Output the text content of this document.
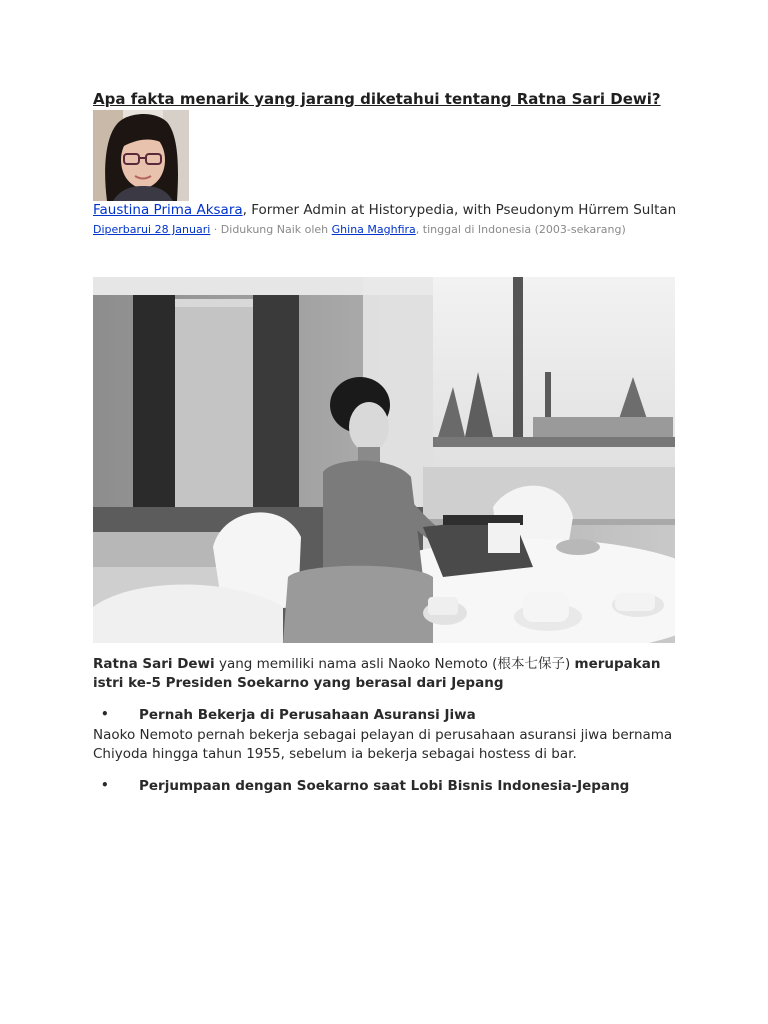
Apa fakta menarik yang jarang diketahui tentang Ratna Sari Dewi?
Faustina Prima Aksara, Former Admin at Historypedia, with Pseudonym Hürrem Sultan
Diperbarui 28 Januari · Didukung Naik oleh Ghina Maghfira, tinggal di Indonesia (2003-sekarang)

Ratna Sari Dewi yang memiliki nama asli Naoko Nemoto (根本七保子) merupakan istri ke-5 Presiden Soekarno yang berasal dari Jepang

• Pernah Bekerja di Perusahaan Asuransi Jiwa

Naoko Nemoto pernah bekerja sebagai pelayan di perusahaan asuransi jiwa bernama Chiyoda hingga tahun 1955, sebelum ia bekerja sebagai hostess di bar.

• Perjumpaan dengan Soekarno saat Lobi Bisnis Indonesia-Jepang
